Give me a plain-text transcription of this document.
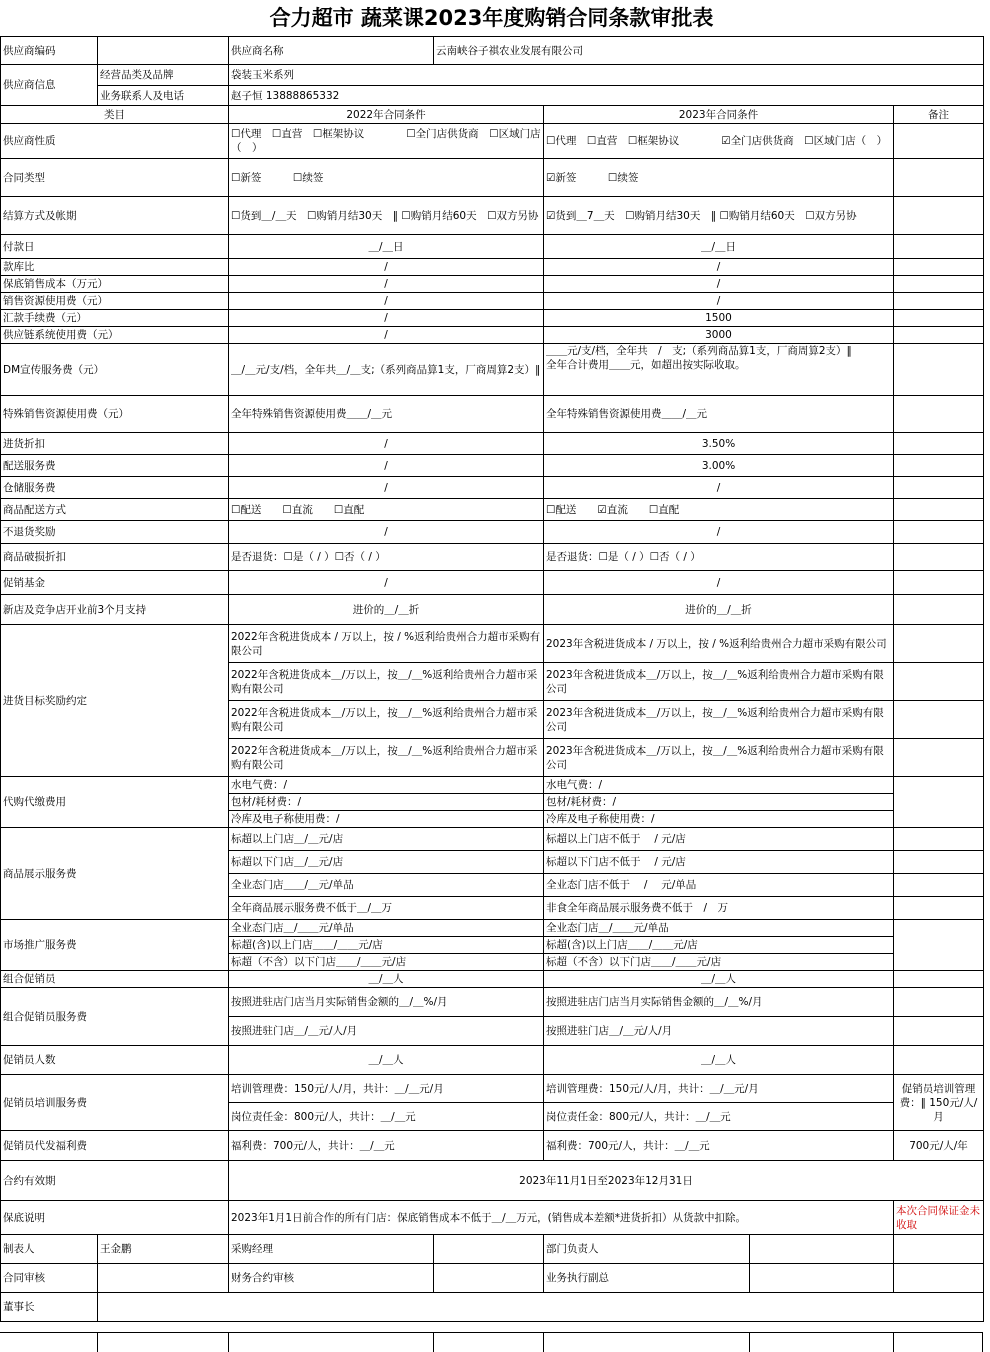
合力超市 蔬菜课2023年度购销合同条款审批表
供应商编码		供应商名称	云南峡谷子祺农业发展有限公司			
供应商信息	经营品类及品牌	袋装玉米系列				
	业务联系人及电话	赵子恒 13888865332				
类目		2022年合同条件		2023年合同条件		备注
供应商性质		☐代理　☐直营　☐框架协议　　　　☐全门店供货商　☐区域门店（　）		☐代理　☐直营　☐框架协议　　　　☑全门店供货商　☐区域门店（　）		
合同类型		☐新签　　　☐续签		☑新签　　　☐续签		
结算方式及帐期		☐货到＿/＿天　☐购销月结30天　‖ ☐购销月结60天　☐双方另协		☑货到＿7＿天　☐购销月结30天　‖ ☐购销月结60天　☐双方另协		
付款日		＿/＿日		＿/＿日		
款库比		/		/		
保底销售成本（万元）		/		/		
销售资源使用费（元）		/		/		
汇款手续费（元）		/		1500		
供应链系统使用费（元）		/		3000		
DM宣传服务费（元）		＿/＿元/支/档，全年共＿/＿支;（系列商品算1支，厂商周算2支）‖		＿＿元/支/档，全年共　/　支;（系列商品算1支，厂商周算2支）‖
全年合计费用＿＿元，如超出按实际收取。		

特殊销售资源使用费（元）		全年特殊销售资源使用费＿＿/＿元		全年特殊销售资源使用费＿＿/＿元		
进货折扣		/		3.50%		
配送服务费		/		3.00%		
仓储服务费		/		/		
商品配送方式		☐配送　　☐直流　　☐直配		☐配送　　☑直流　　☐直配		
不退货奖励		/		/		
商品破损折扣		是否退货：☐是（ / ）☐否（ / ）		是否退货：☐是（ / ）☐否（ / ）		
促销基金		/		/		
新店及竞争店开业前3个月支持		进价的＿/＿折		进价的＿/＿折		
进货目标奖励约定		2022年含税进货成本 / 万以上，按 / %返利给贵州合力超市采购有限公司		2023年含税进货成本 / 万以上，按 / %返利给贵州合力超市采购有限公司		
		2022年含税进货成本＿/万以上，按＿/＿%返利给贵州合力超市采购有限公司		2023年含税进货成本＿/万以上，按＿/＿%返利给贵州合力超市采购有限公司		
		2022年含税进货成本＿/万以上，按＿/＿%返利给贵州合力超市采购有限公司		2023年含税进货成本＿/万以上，按＿/＿%返利给贵州合力超市采购有限公司		
		2022年含税进货成本＿/万以上，按＿/＿%返利给贵州合力超市采购有限公司		2023年含税进货成本＿/万以上，按＿/＿%返利给贵州合力超市采购有限公司		
代购代缴费用		水电气费：/		水电气费：/		
		包材/耗材费：/		包材/耗材费：/		
		冷库及电子称使用费：/		冷库及电子称使用费：/		
商品展示服务费		标超以上门店＿/＿元/店		标超以上门店不低于　 / 元/店		
		标超以下门店＿/＿元/店		标超以下门店不低于　 / 元/店		
		全业态门店＿＿/＿元/单品		全业态门店不低于　 / 　元/单品		
		全年商品展示服务费不低于＿/＿万		非食全年商品展示服务费不低于　/　万		
市场推广服务费		全业态门店＿/＿＿元/单品		全业态门店＿/＿＿元/单品		
		标超(含)以上门店＿＿/＿＿元/店		标超(含)以上门店＿＿/＿＿元/店		
		标超（不含）以下门店＿＿/＿＿元/店		标超（不含）以下门店＿＿/＿＿元/店		
组合促销员		＿/＿人		＿/＿人		
组合促销员服务费		按照进驻店门店当月实际销售金额的＿/＿%/月		按照进驻店门店当月实际销售金额的＿/＿%/月		
		按照进驻门店＿/＿元/人/月		按照进驻门店＿/＿元/人/月		
促销员人数		＿/＿人		＿/＿人		
促销员培训服务费		培训管理费：150元/人/月，共计：＿/＿元/月		培训管理费：150元/人/月，共计：＿/＿元/月		促销员培训管理费：‖ 150元/人/月
		岗位责任金：800元/人，共计：＿/＿元		岗位责任金：800元/人，共计：＿/＿元		
促销员代发福利费		福利费：700元/人，共计：＿/＿元		福利费：700元/人，共计：＿/＿元		700元/人/年
合约有效期		2023年11月1日至2023年12月31日				
保底说明		2023年1月1日前合作的所有门店：保底销售成本不低于＿/＿万元，(销售成本差额*进货折扣）从货款中扣除。				本次合同保证金未收取
制表人	王金鹏	采购经理		部门负责人		
合同审核		财务合约审核		业务执行副总		
董事长						
